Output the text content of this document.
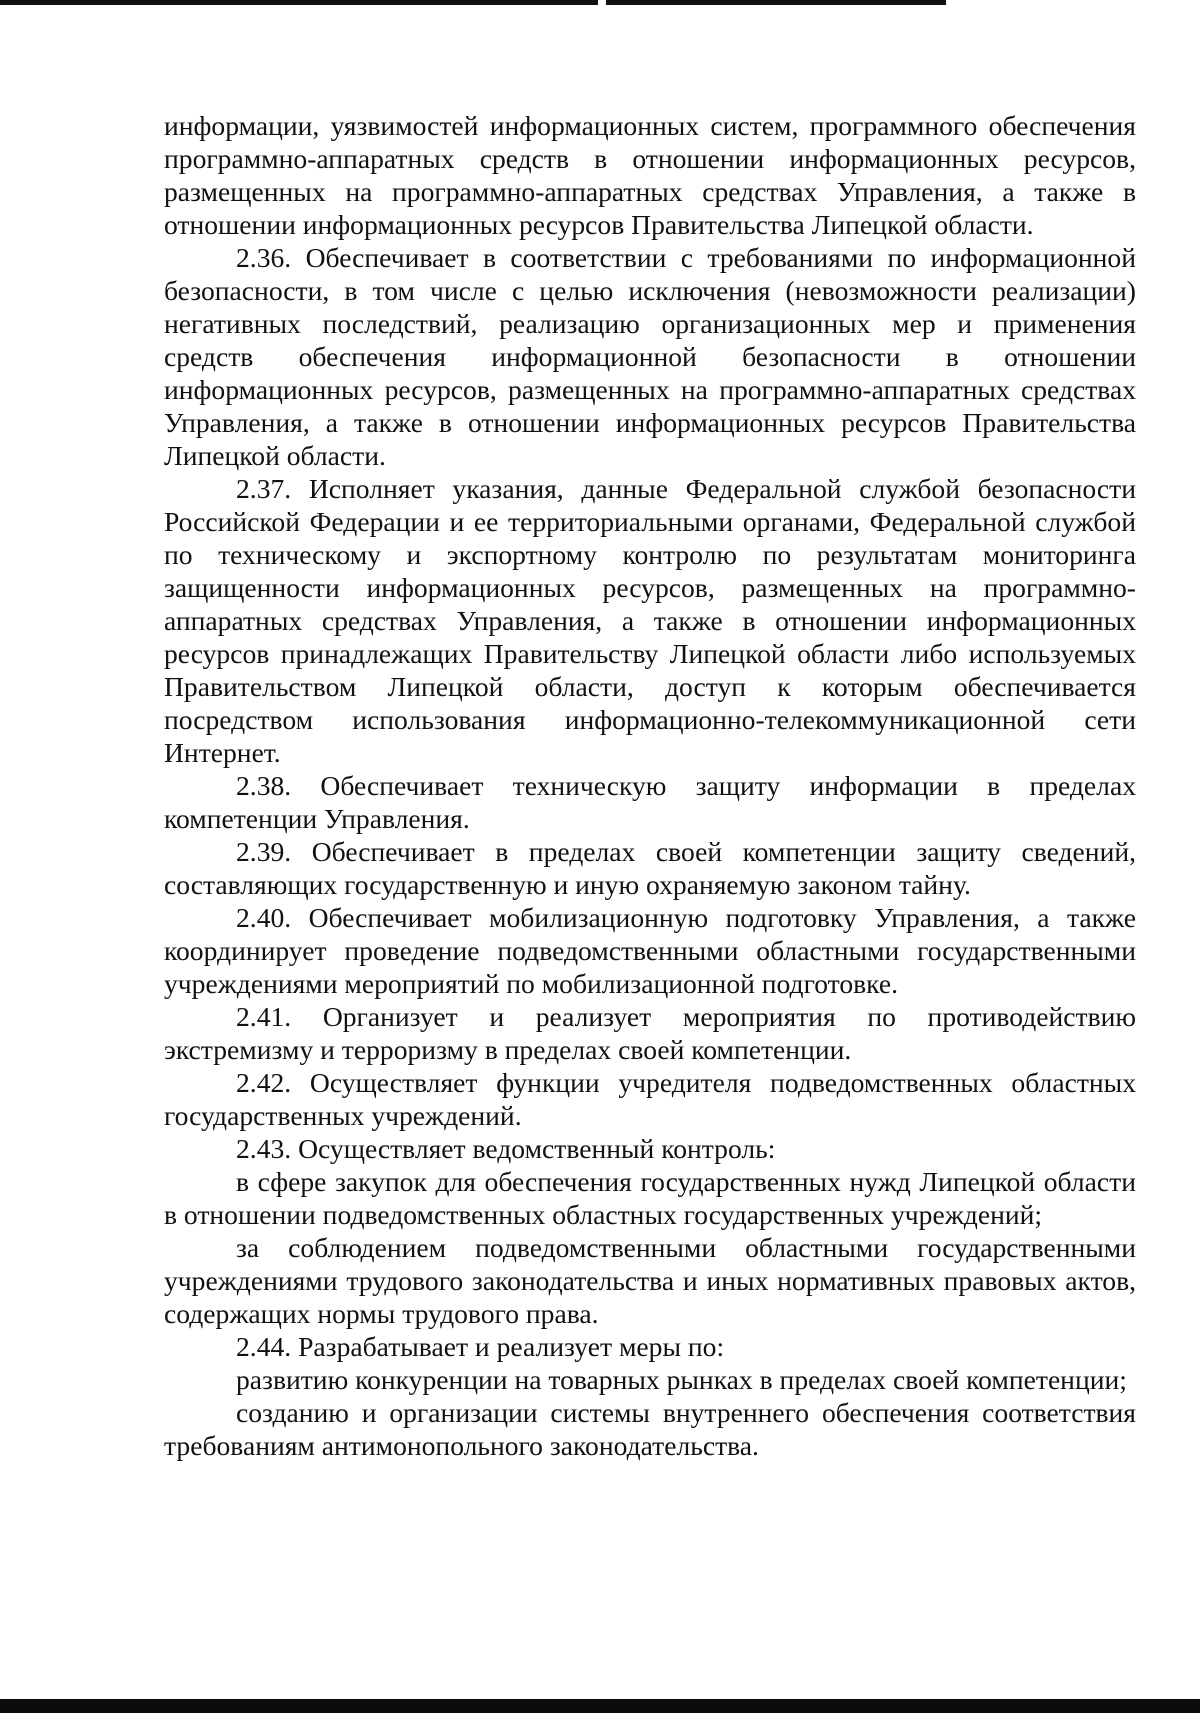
информации, уязвимостей информационных систем, программного обеспечения программно-аппаратных средств в отношении информационных ресурсов, размещенных на программно-аппаратных средствах Управления, а также в отношении информационных ресурсов Правительства Липецкой области.

2.36. Обеспечивает в соответствии с требованиями по информационной безопасности, в том числе с целью исключения (невозможности реализации) негативных последствий, реализацию организационных мер и применения средств обеспечения информационной безопасности в отношении информационных ресурсов, размещенных на программно-аппаратных средствах Управления, а также в отношении информационных ресурсов Правительства Липецкой области.

2.37. Исполняет указания, данные Федеральной службой безопасности Российской Федерации и ее территориальными органами, Федеральной службой по техническому и экспортному контролю по результатам мониторинга защищенности информационных ресурсов, размещенных на программно-аппаратных средствах Управления, а также в отношении информационных ресурсов принадлежащих Правительству Липецкой области либо используемых Правительством Липецкой области, доступ к которым обеспечивается посредством использования информационно-телекоммуникационной сети Интернет.

2.38. Обеспечивает техническую защиту информации в пределах компетенции Управления.

2.39. Обеспечивает в пределах своей компетенции защиту сведений, составляющих государственную и иную охраняемую законом тайну.

2.40. Обеспечивает мобилизационную подготовку Управления, а также координирует проведение подведомственными областными государственными учреждениями мероприятий по мобилизационной подготовке.

2.41. Организует и реализует мероприятия по противодействию экстремизму и терроризму в пределах своей компетенции.

2.42. Осуществляет функции учредителя подведомственных областных государственных учреждений.

2.43. Осуществляет ведомственный контроль:

в сфере закупок для обеспечения государственных нужд Липецкой области в отношении подведомственных областных государственных учреждений;

за соблюдением подведомственными областными государственными учреждениями трудового законодательства и иных нормативных правовых актов, содержащих нормы трудового права.

2.44. Разрабатывает и реализует меры по:

развитию конкуренции на товарных рынках в пределах своей компетенции;

созданию и организации системы внутреннего обеспечения соответствия требованиям антимонопольного законодательства.
